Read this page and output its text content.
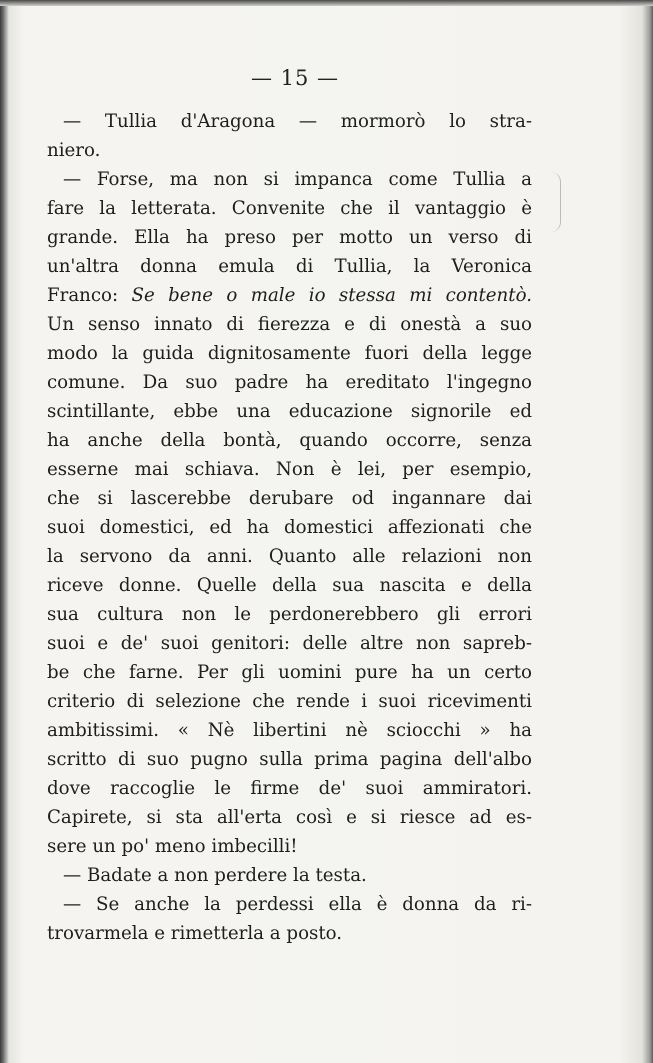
— 15 —
— Tullia d'Aragona — mormorò lo stra-
niero.
— Forse, ma non si impanca come Tullia a
fare la letterata. Convenite che il vantaggio è
grande. Ella ha preso per motto un verso di
un'altra donna emula di Tullia, la Veronica
Franco: Se bene o male io stessa mi contentò.
Un senso innato di fierezza e di onestà a suo
modo la guida dignitosamente fuori della legge
comune. Da suo padre ha ereditato l'ingegno
scintillante, ebbe una educazione signorile ed
ha anche della bontà, quando occorre, senza
esserne mai schiava. Non è lei, per esempio,
che si lascerebbe derubare od ingannare dai
suoi domestici, ed ha domestici affezionati che
la servono da anni. Quanto alle relazioni non
riceve donne. Quelle della sua nascita e della
sua cultura non le perdonerebbero gli errori
suoi e de' suoi genitori: delle altre non sapreb-
be che farne. Per gli uomini pure ha un certo
criterio di selezione che rende i suoi ricevimenti
ambitissimi. « Nè libertini nè sciocchi » ha
scritto di suo pugno sulla prima pagina dell'albo
dove raccoglie le firme de' suoi ammiratori.
Capirete, si sta all'erta così e si riesce ad es-
sere un po' meno imbecilli!
— Badate a non perdere la testa.
— Se anche la perdessi ella è donna da ri-
trovarmela e rimetterla a posto.
